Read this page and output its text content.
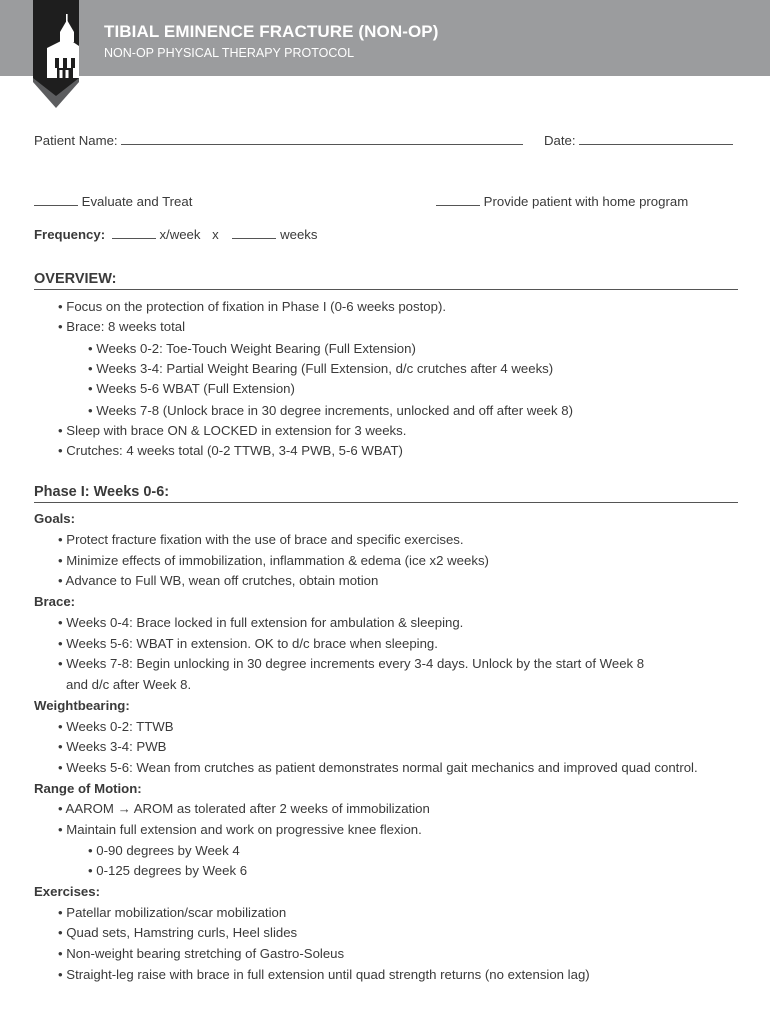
TIBIAL EMINENCE FRACTURE (NON-OP)
NON-OP PHYSICAL THERAPY PROTOCOL
Patient Name:	Date:
Evaluate and Treat	Provide patient with home program
Frequency:	x/week x	weeks
OVERVIEW:
• Focus on the protection of fixation in Phase I (0-6 weeks postop).
• Brace: 8 weeks total
• Weeks 0-2: Toe-Touch Weight Bearing (Full Extension)
• Weeks 3-4: Partial Weight Bearing (Full Extension, d/c crutches after 4 weeks)
• Weeks 5-6 WBAT (Full Extension)
• Weeks 7-8 (Unlock brace in 30 degree increments, unlocked and off after week 8)
• Sleep with brace ON & LOCKED in extension for 3 weeks.
• Crutches: 4 weeks total (0-2 TTWB, 3-4 PWB, 5-6 WBAT)
Phase I: Weeks 0-6:
Goals:
• Protect fracture fixation with the use of brace and specific exercises.
• Minimize effects of immobilization, inflammation & edema (ice x2 weeks)
• Advance to Full WB, wean off crutches, obtain motion
Brace:
• Weeks 0-4: Brace locked in full extension for ambulation & sleeping.
• Weeks 5-6: WBAT in extension. OK to d/c brace when sleeping.
• Weeks 7-8: Begin unlocking in 30 degree increments every 3-4 days. Unlock by the start of Week 8
and d/c after Week 8.
Weightbearing:
• Weeks 0-2: TTWB
• Weeks 3-4: PWB
• Weeks 5-6: Wean from crutches as patient demonstrates normal gait mechanics and improved quad control.
Range of Motion:
• AAROM → AROM as tolerated after 2 weeks of immobilization
• Maintain full extension and work on progressive knee flexion.
• 0-90 degrees by Week 4
• 0-125 degrees by Week 6
Exercises:
• Patellar mobilization/scar mobilization
• Quad sets, Hamstring curls, Heel slides
• Non-weight bearing stretching of Gastro-Soleus
• Straight-leg raise with brace in full extension until quad strength returns (no extension lag)
